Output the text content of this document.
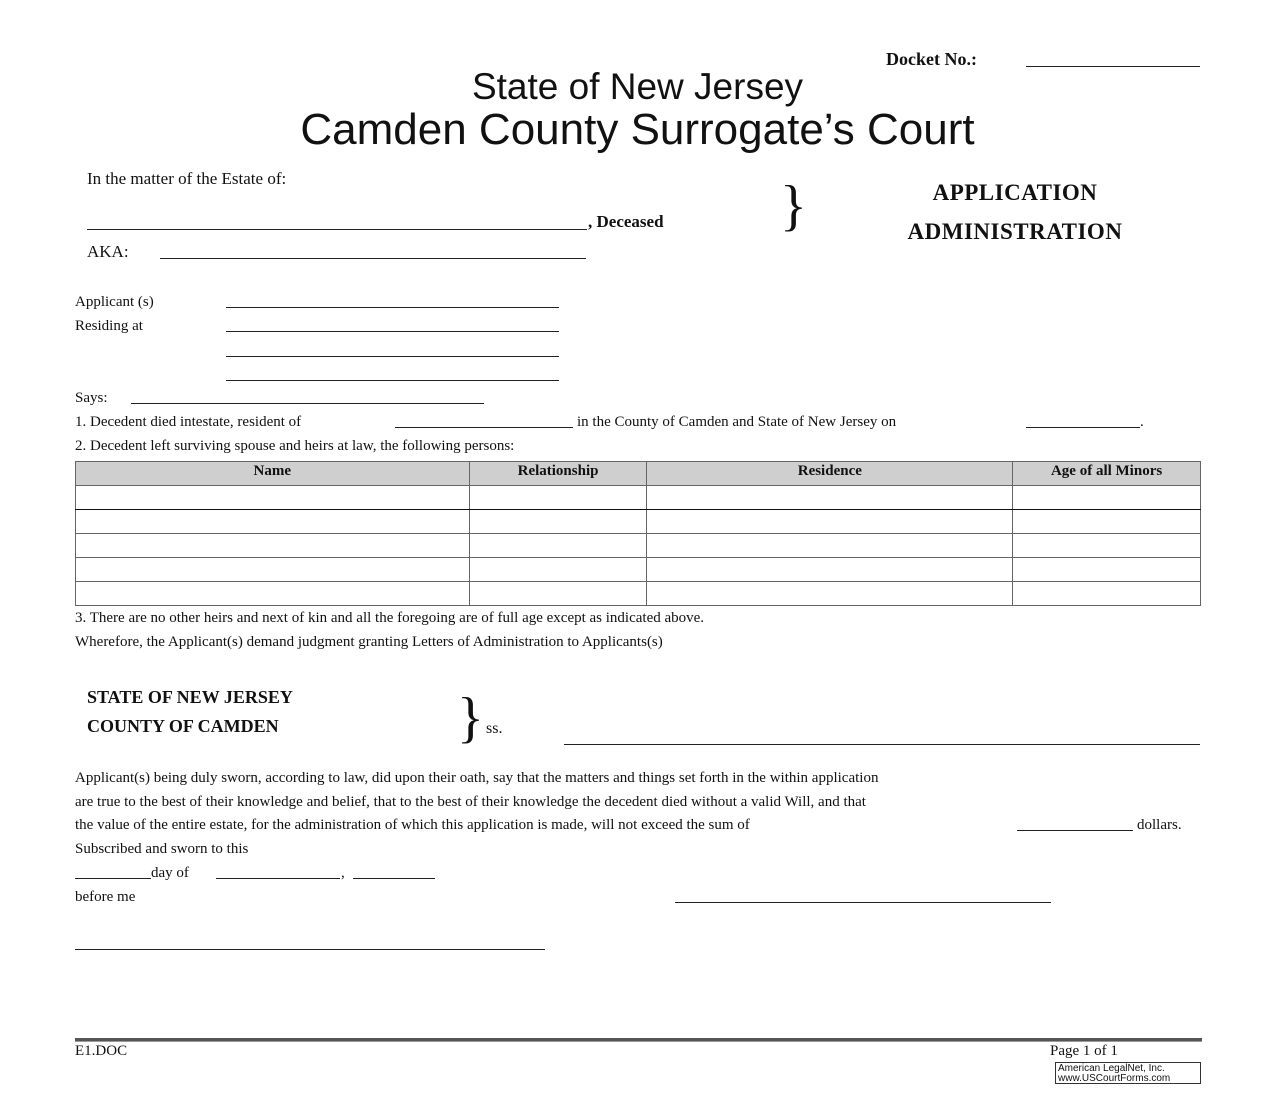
Docket No.:
State of New Jersey
Camden County Surrogate’s Court
In the matter of the Estate of:
, Deceased
AKA:
}	APPLICATION
ADMINISTRATION
Applicant (s)
Residing at
Says:
1. Decedent died intestate, resident of	in the County of Camden and State of New Jersey on	.
2. Decedent left surviving spouse and heirs at law, the following persons:
Name	Relationship	Residence	Age of all Minors

3. There are no other heirs and next of kin and all the foregoing are of full age except as indicated above.
Wherefore, the Applicant(s) demand judgment granting Letters of Administration to Applicants(s)
STATE OF NEW JERSEY
COUNTY OF CAMDEN	} ss.
Applicant(s) being duly sworn, according to law, did upon their oath, say that the matters and things set forth in the within application
are true to the best of their knowledge and belief, that to the best of their knowledge the decedent died without a valid Will, and that
the value of the entire estate, for the administration of which this application is made, will not exceed the sum of	dollars.
Subscribed and sworn to this
day of	,
before me
E1.DOC	Page 1 of 1
American LegalNet, Inc.
www.USCourtForms.com
